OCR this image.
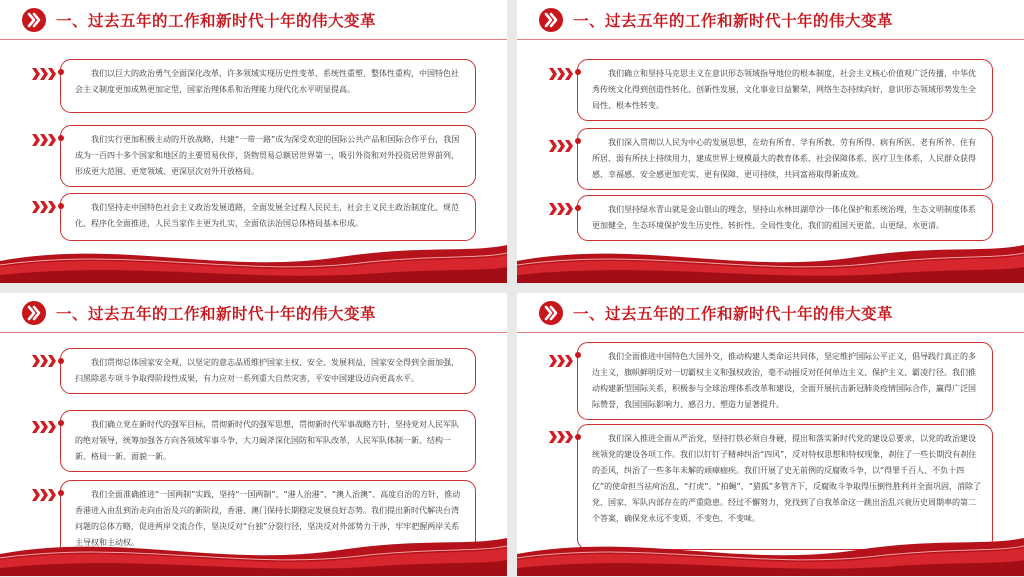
一、过去五年的工作和新时代十年的伟大变革
我们以巨大的政治勇气全面深化改革，许多领域实现历史性变革、系统性重塑、整体性重构，中国特色社会主义制度更加成熟更加定型，国家治理体系和治理能力现代化水平明显提高。
我们实行更加积极主动的开放战略，共建“一带一路”成为深受欢迎的国际公共产品和国际合作平台，我国成为一百四十多个国家和地区的主要贸易伙伴，货物贸易总额居世界第一，吸引外资和对外投资居世界前列，形成更大范围、更宽领域、更深层次对外开放格局。
我们坚持走中国特色社会主义政治发展道路，全面发展全过程人民民主，社会主义民主政治制度化、规范化、程序化全面推进，人民当家作主更为扎实，全面依法治国总体格局基本形成。
一、过去五年的工作和新时代十年的伟大变革
我们确立和坚持马克思主义在意识形态领域指导地位的根本制度，社会主义核心价值观广泛传播，中华优秀传统文化得到创造性转化、创新性发展，文化事业日益繁荣，网络生态持续向好，意识形态领域形势发生全局性、根本性转变。
我们深入贯彻以人民为中心的发展思想，在幼有所育、学有所教、劳有所得、病有所医、老有所养、住有所居、弱有所扶上持续用力，建成世界上规模最大的教育体系、社会保障体系、医疗卫生体系，人民群众获得感、幸福感、安全感更加充实、更有保障、更可持续，共同富裕取得新成效。
我们坚持绿水青山就是金山银山的理念，坚持山水林田湖草沙一体化保护和系统治理，生态文明制度体系更加健全，生态环境保护发生历史性、转折性、全局性变化，我们的祖国天更蓝、山更绿、水更清。
一、过去五年的工作和新时代十年的伟大变革
我们贯彻总体国家安全观，以坚定的意志品质维护国家主权、安全、发展利益，国家安全得到全面加强，扫黑除恶专项斗争取得阶段性成果，有力应对一系列重大自然灾害，平安中国建设迈向更高水平。
我们确立党在新时代的强军目标，贯彻新时代的强军思想，贯彻新时代军事战略方针，坚持党对人民军队的绝对领导，统筹加强各方向各领域军事斗争，大刀阔斧深化国防和军队改革，人民军队体制一新、结构一新、格局一新、面貌一新。
我们全面准确推进“一国两制”实践，坚持“一国两制”、“港人治港”、“澳人治澳”、高度自治的方针，推动香港进入由乱到治走向由治及兴的新阶段，香港、澳门保持长期稳定发展良好态势。我们提出新时代解决台湾问题的总体方略，促进两岸交流合作，坚决反对“台独”分裂行径，坚决反对外部势力干涉，牢牢把握两岸关系主导权和主动权。
一、过去五年的工作和新时代十年的伟大变革
我们全面推进中国特色大国外交，推动构建人类命运共同体，坚定维护国际公平正义，倡导践行真正的多边主义，旗帜鲜明反对一切霸权主义和强权政治，毫不动摇反对任何单边主义、保护主义、霸凌行径。我们推动构建新型国际关系，积极参与全球治理体系改革和建设，全面开展抗击新冠肺炎疫情国际合作，赢得广泛国际赞誉，我国国际影响力、感召力、塑造力显著提升。
我们深入推进全面从严治党，坚持打铁必须自身硬，提出和落实新时代党的建设总要求，以党的政治建设统领党的建设各项工作。我们以钉钉子精神纠治“四风”，反对特权思想和特权现象，刹住了一些长期没有刹住的歪风，纠治了一些多年未解的顽瘴痼疾。我们开展了史无前例的反腐败斗争，以“得罪千百人、不负十四亿”的使命担当祛疴治乱，“打虎”、“拍蝇”、“猎狐”多管齐下，反腐败斗争取得压倒性胜利并全面巩固，消除了党、国家、军队内部存在的严重隐患。经过不懈努力，党找到了自我革命这一跳出治乱兴衰历史周期率的第二个答案，确保党永远不变质、不变色、不变味。
